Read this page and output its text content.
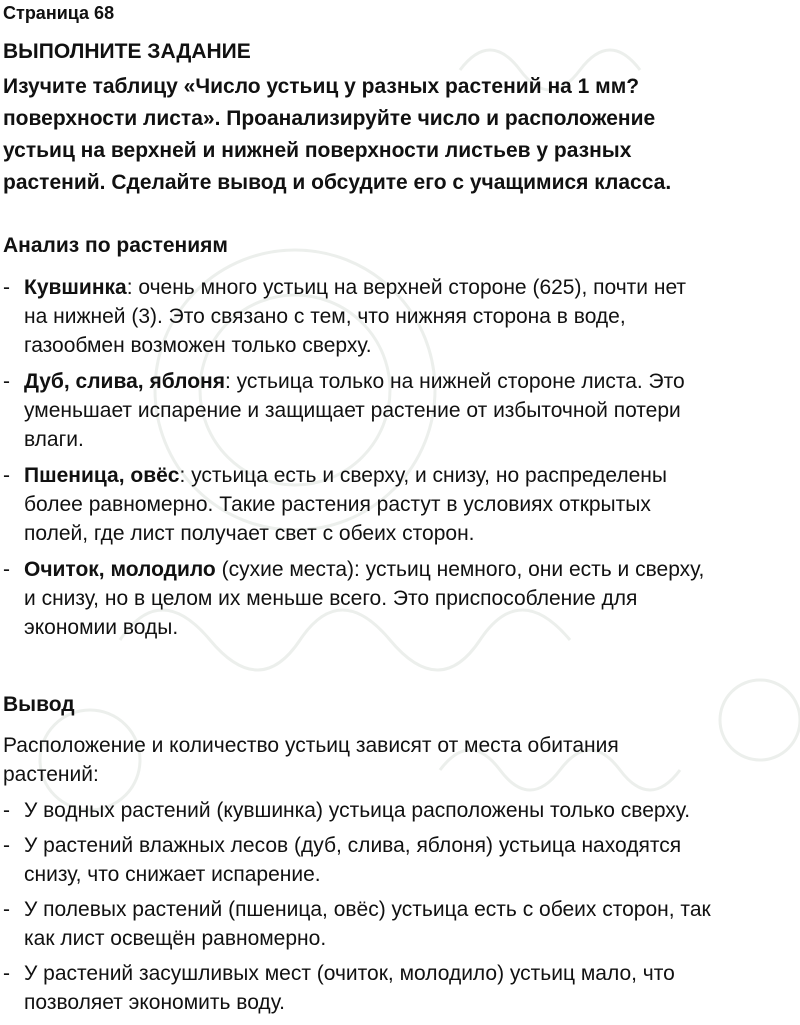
Страница 68
ВЫПОЛНИТЕ ЗАДАНИЕ
Изучите таблицу «Число устьиц у разных растений на 1 мм?
поверхности листа». Проанализируйте число и расположение
устьиц на верхней и нижней поверхности листьев у разных
растений. Сделайте вывод и обсудите его с учащимися класса.
Анализ по растениям
- Кувшинка: очень много устьиц на верхней стороне (625), почти нет
на нижней (3). Это связано с тем, что нижняя сторона в воде,
газообмен возможен только сверху.
- Дуб, слива, яблоня: устьица только на нижней стороне листа. Это
уменьшает испарение и защищает растение от избыточной потери
влаги.
- Пшеница, овёс: устьица есть и сверху, и снизу, но распределены
более равномерно. Такие растения растут в условиях открытых
полей, где лист получает свет с обеих сторон.
- Очиток, молодило (сухие места): устьиц немного, они есть и сверху,
и снизу, но в целом их меньше всего. Это приспособление для
экономии воды.
Вывод
Расположение и количество устьиц зависят от места обитания
растений:
- У водных растений (кувшинка) устьица расположены только сверху.
- У растений влажных лесов (дуб, слива, яблоня) устьица находятся
снизу, что снижает испарение.
- У полевых растений (пшеница, овёс) устьица есть с обеих сторон, так
как лист освещён равномерно.
- У растений засушливых мест (очиток, молодило) устьиц мало, что
позволяет экономить воду.
